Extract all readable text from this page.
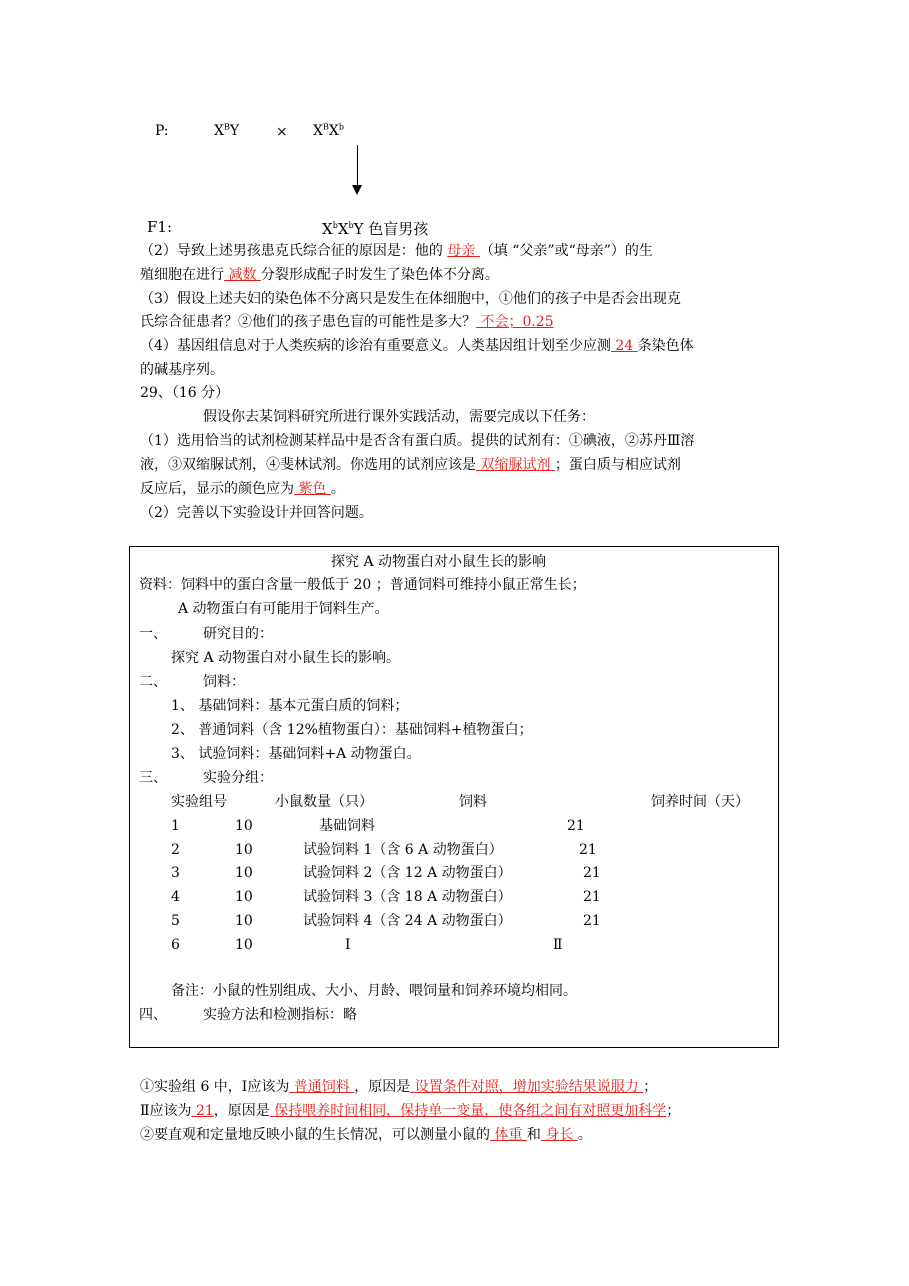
P:	$X^BY$	× $X^BX^b$
F1:	$X^bX^bY$ 色盲男孩
（2）导致上述男孩患克氏综合征的原因是：他的 母亲 （填 “父亲”或“母亲”）的生
殖细胞在进行 减数 分裂形成配子时发生了染色体不分离。
（3）假设上述夫妇的染色体不分离只是发生在体细胞中，①他们的孩子中是否会出现克
氏综合征患者？②他们的孩子患色盲的可能性是多大？ 不会；0.25
（4）基因组信息对于人类疾病的诊治有重要意义。人类基因组计划至少应测 24 条染色体
的碱基序列。
29、（16 分）
假设你去某饲料研究所进行课外实践活动，需要完成以下任务：
（1）选用恰当的试剂检测某样品中是否含有蛋白质。提供的试剂有：①碘液，②苏丹Ⅲ溶
液，③双缩脲试剂，④斐林试剂。你选用的试剂应该是 双缩脲试剂 ；蛋白质与相应试剂
反应后，显示的颜色应为 紫色 。
（2）完善以下实验设计并回答问题。
探究 A 动物蛋白对小鼠生长的影响
资料：饲料中的蛋白含量一般低于 20 ；普通饲料可维持小鼠正常生长；
A 动物蛋白有可能用于饲料生产。
一、	研究目的：
探究 A 动物蛋白对小鼠生长的影响。
二、	饲料：
1、 基础饲料：基本元蛋白质的饲料；
2、 普通饲料（含 12%植物蛋白）：基础饲料+植物蛋白；
3、 试验饲料：基础饲料+A 动物蛋白。
三、	实验分组：
实验组号	小鼠数量（只）	饲料	饲养时间（天）
1	10	基础饲料	21
2	10	试验饲料 1（含 6 A 动物蛋白）	21
3	10	试验饲料 2（含 12 A 动物蛋白）	21
4	10	试验饲料 3（含 18 A 动物蛋白）	21
5	10	试验饲料 4（含 24 A 动物蛋白）	21
6	10	Ⅰ	Ⅱ
备注：小鼠的性别组成、大小、月龄、喂饲量和饲养环境均相同。
四、	实验方法和检测指标：略
①实验组 6 中，Ⅰ应该为 普通饲料 ，原因是 设置条件对照，增加实验结果说服力 ；
Ⅱ应该为 21，原因是 保持喂养时间相同，保持单一变量，使各组之间有对照更加科学；
②要直观和定量地反映小鼠的生长情况，可以测量小鼠的 体重 和 身长 。
